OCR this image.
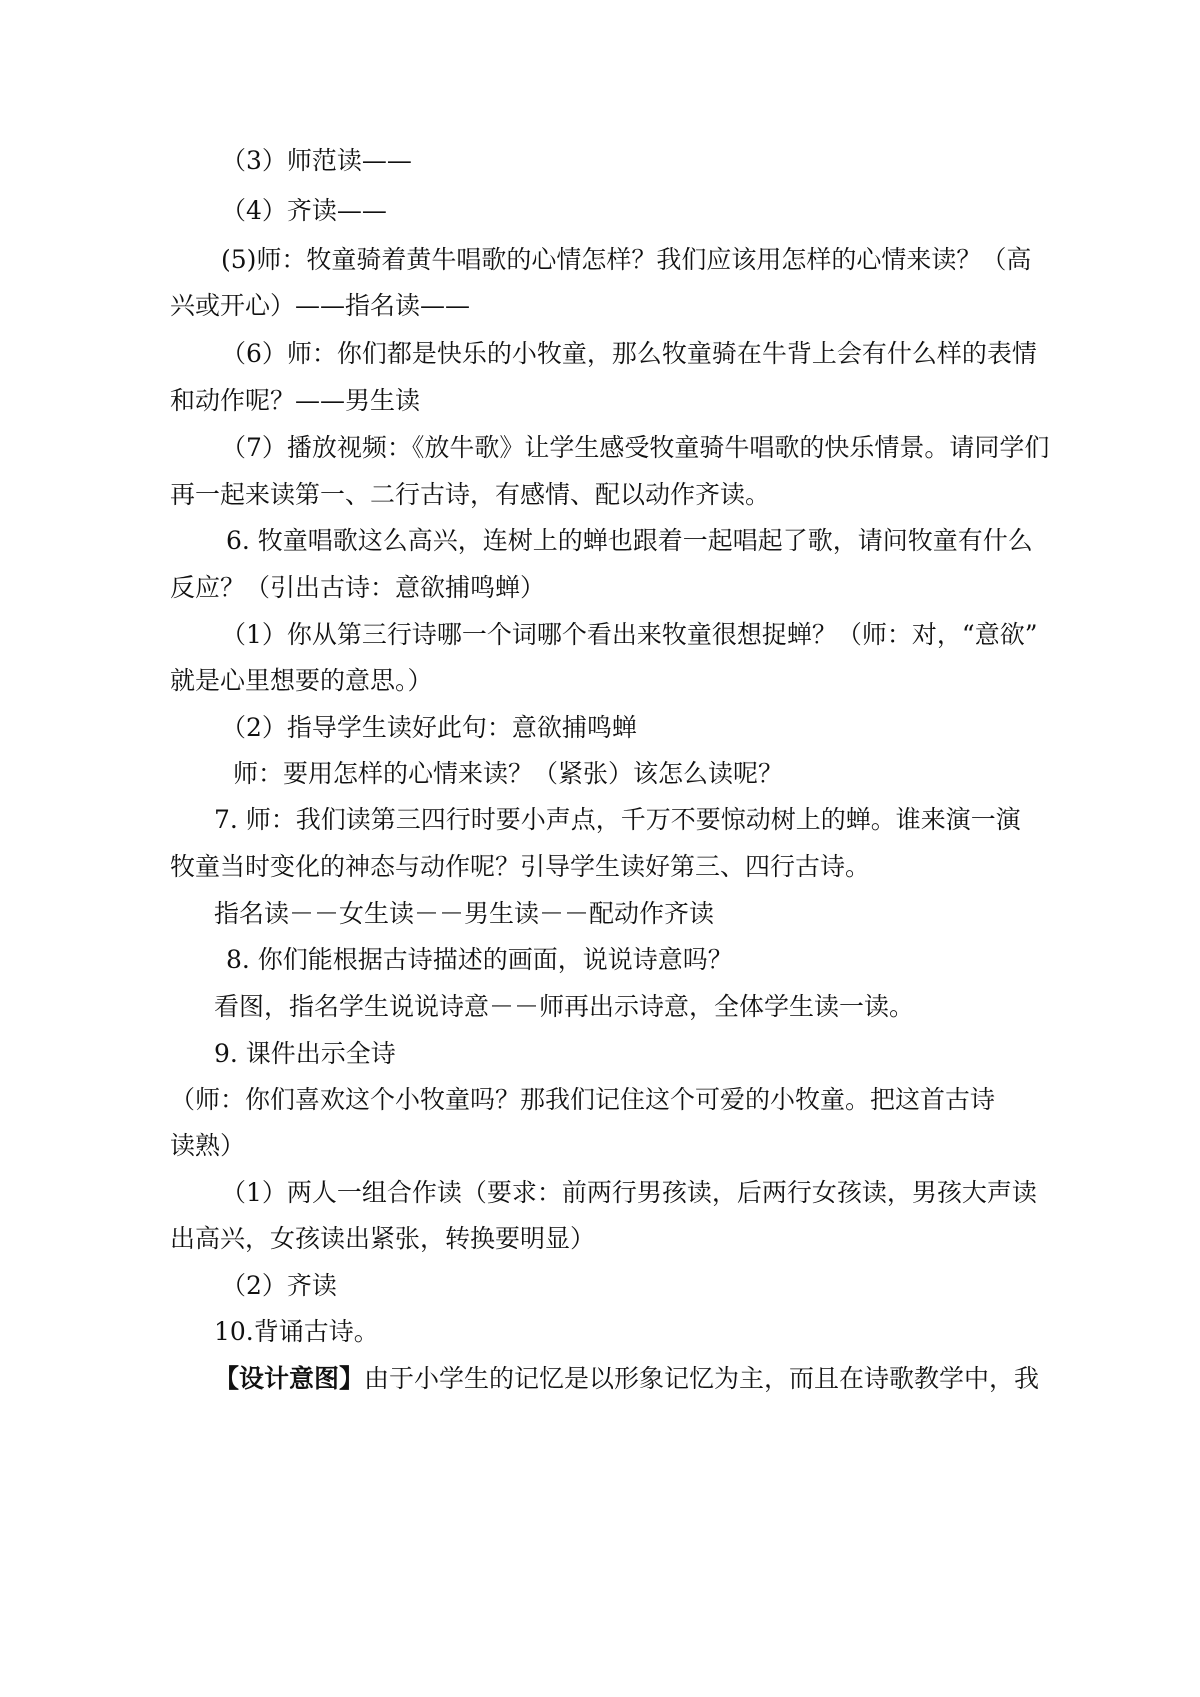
（3）师范读——
（4）齐读——
(5)师：牧童骑着黄牛唱歌的心情怎样？我们应该用怎样的心情来读？（高
兴或开心）——指名读——
（6）师：你们都是快乐的小牧童，那么牧童骑在牛背上会有什么样的表情
和动作呢？——男生读
（7）播放视频：《放牛歌》让学生感受牧童骑牛唱歌的快乐情景。请同学们
再一起来读第一、二行古诗，有感情、配以动作齐读。
6. 牧童唱歌这么高兴，连树上的蝉也跟着一起唱起了歌，请问牧童有什么
反应？（引出古诗：意欲捕鸣蝉）
（1）你从第三行诗哪一个词哪个看出来牧童很想捉蝉？（师：对，“意欲”
就是心里想要的意思。）
（2）指导学生读好此句：意欲捕鸣蝉
师：要用怎样的心情来读？（紧张）该怎么读呢？
7. 师：我们读第三四行时要小声点，千万不要惊动树上的蝉。谁来演一演
牧童当时变化的神态与动作呢？引导学生读好第三、四行古诗。
指名读－－女生读－－男生读－－配动作齐读
8. 你们能根据古诗描述的画面，说说诗意吗？
看图，指名学生说说诗意－－师再出示诗意，全体学生读一读。
9. 课件出示全诗
（师：你们喜欢这个小牧童吗？那我们记住这个可爱的小牧童。把这首古诗
读熟）
（1）两人一组合作读（要求：前两行男孩读，后两行女孩读，男孩大声读
出高兴，女孩读出紧张，转换要明显）
（2）齐读
10.背诵古诗。
【设计意图】由于小学生的记忆是以形象记忆为主，而且在诗歌教学中，我
